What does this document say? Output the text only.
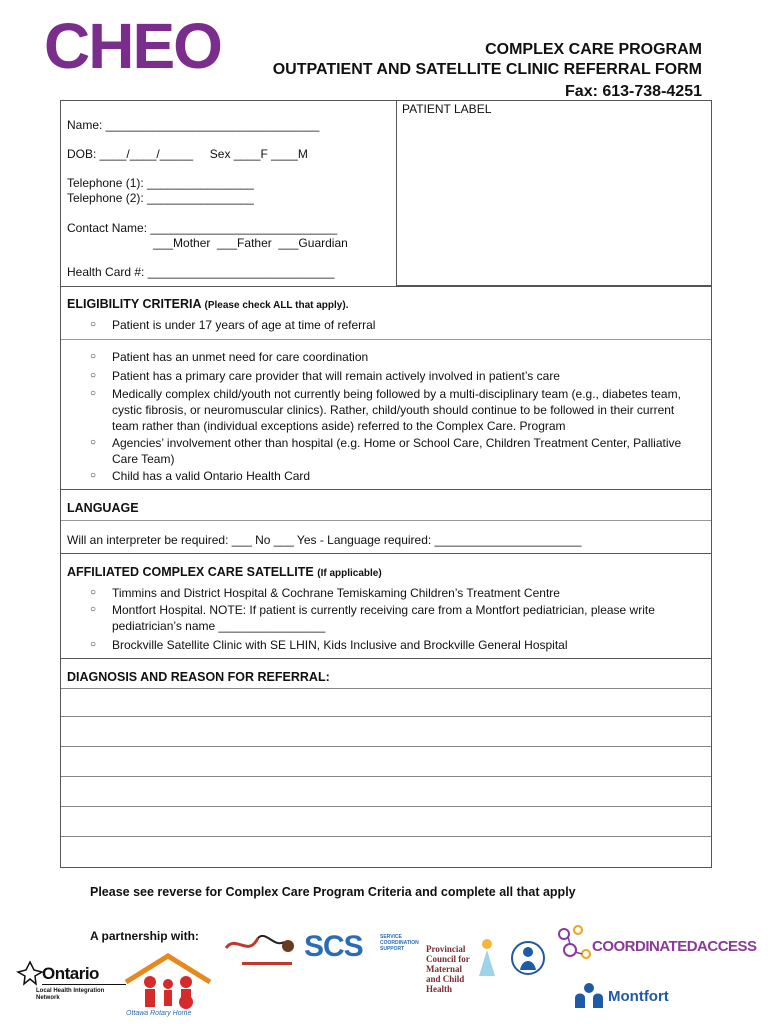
CHEO	COMPLEX CARE PROGRAM
OUTPATIENT AND SATELLITE CLINIC REFERRAL FORM
Fax: 613-738-4251
PATIENT LABEL
Name: ________________________________
DOB: ____/____/_____     Sex ____F ____M
Telephone (1): ________________
Telephone (2): ________________
Contact Name: ____________________________
___Mother  ___Father  ___Guardian
Health Card #: ____________________________
ELIGIBILITY CRITERIA (Please check ALL that apply).
○ Patient is under 17 years of age at time of referral
○ Patient has an unmet need for care coordination
○ Patient has a primary care provider that will remain actively involved in patient’s care
○ Medically complex child/youth not currently being followed by a multi-disciplinary team (e.g., diabetes team, cystic fibrosis, or neuromuscular clinics). Rather, child/youth should continue to be followed in their current team rather than (individual exceptions aside) referred to the Complex Care. Program
○ Agencies’ involvement other than hospital (e.g. Home or School Care, Children Treatment Center, Palliative Care Team)
○ Child has a valid Ontario Health Card
LANGUAGE
Will an interpreter be required: ___ No ___ Yes - Language required: ______________________
AFFILIATED COMPLEX CARE SATELLITE (If applicable)
○ Timmins and District Hospital & Cochrane Temiskaming Children’s Treatment Centre
○ Montfort Hospital. NOTE: If patient is currently receiving care from a Montfort pediatrician, please write pediatrician’s name ________________
○ Brockville Satellite Clinic with SE LHIN, Kids Inclusive and Brockville General Hospital
DIAGNOSIS AND REASON FOR REFERRAL:
Please see reverse for Complex Care Program Criteria and complete all that apply
A partnership with:
Ontario
Local Health Integration Network
Ottawa Rotary Home
SCS	SERVICE COORDINATION SUPPORT	Provincial Council for Maternal and Child Health
COORDINATEDACCESS
Montfort
